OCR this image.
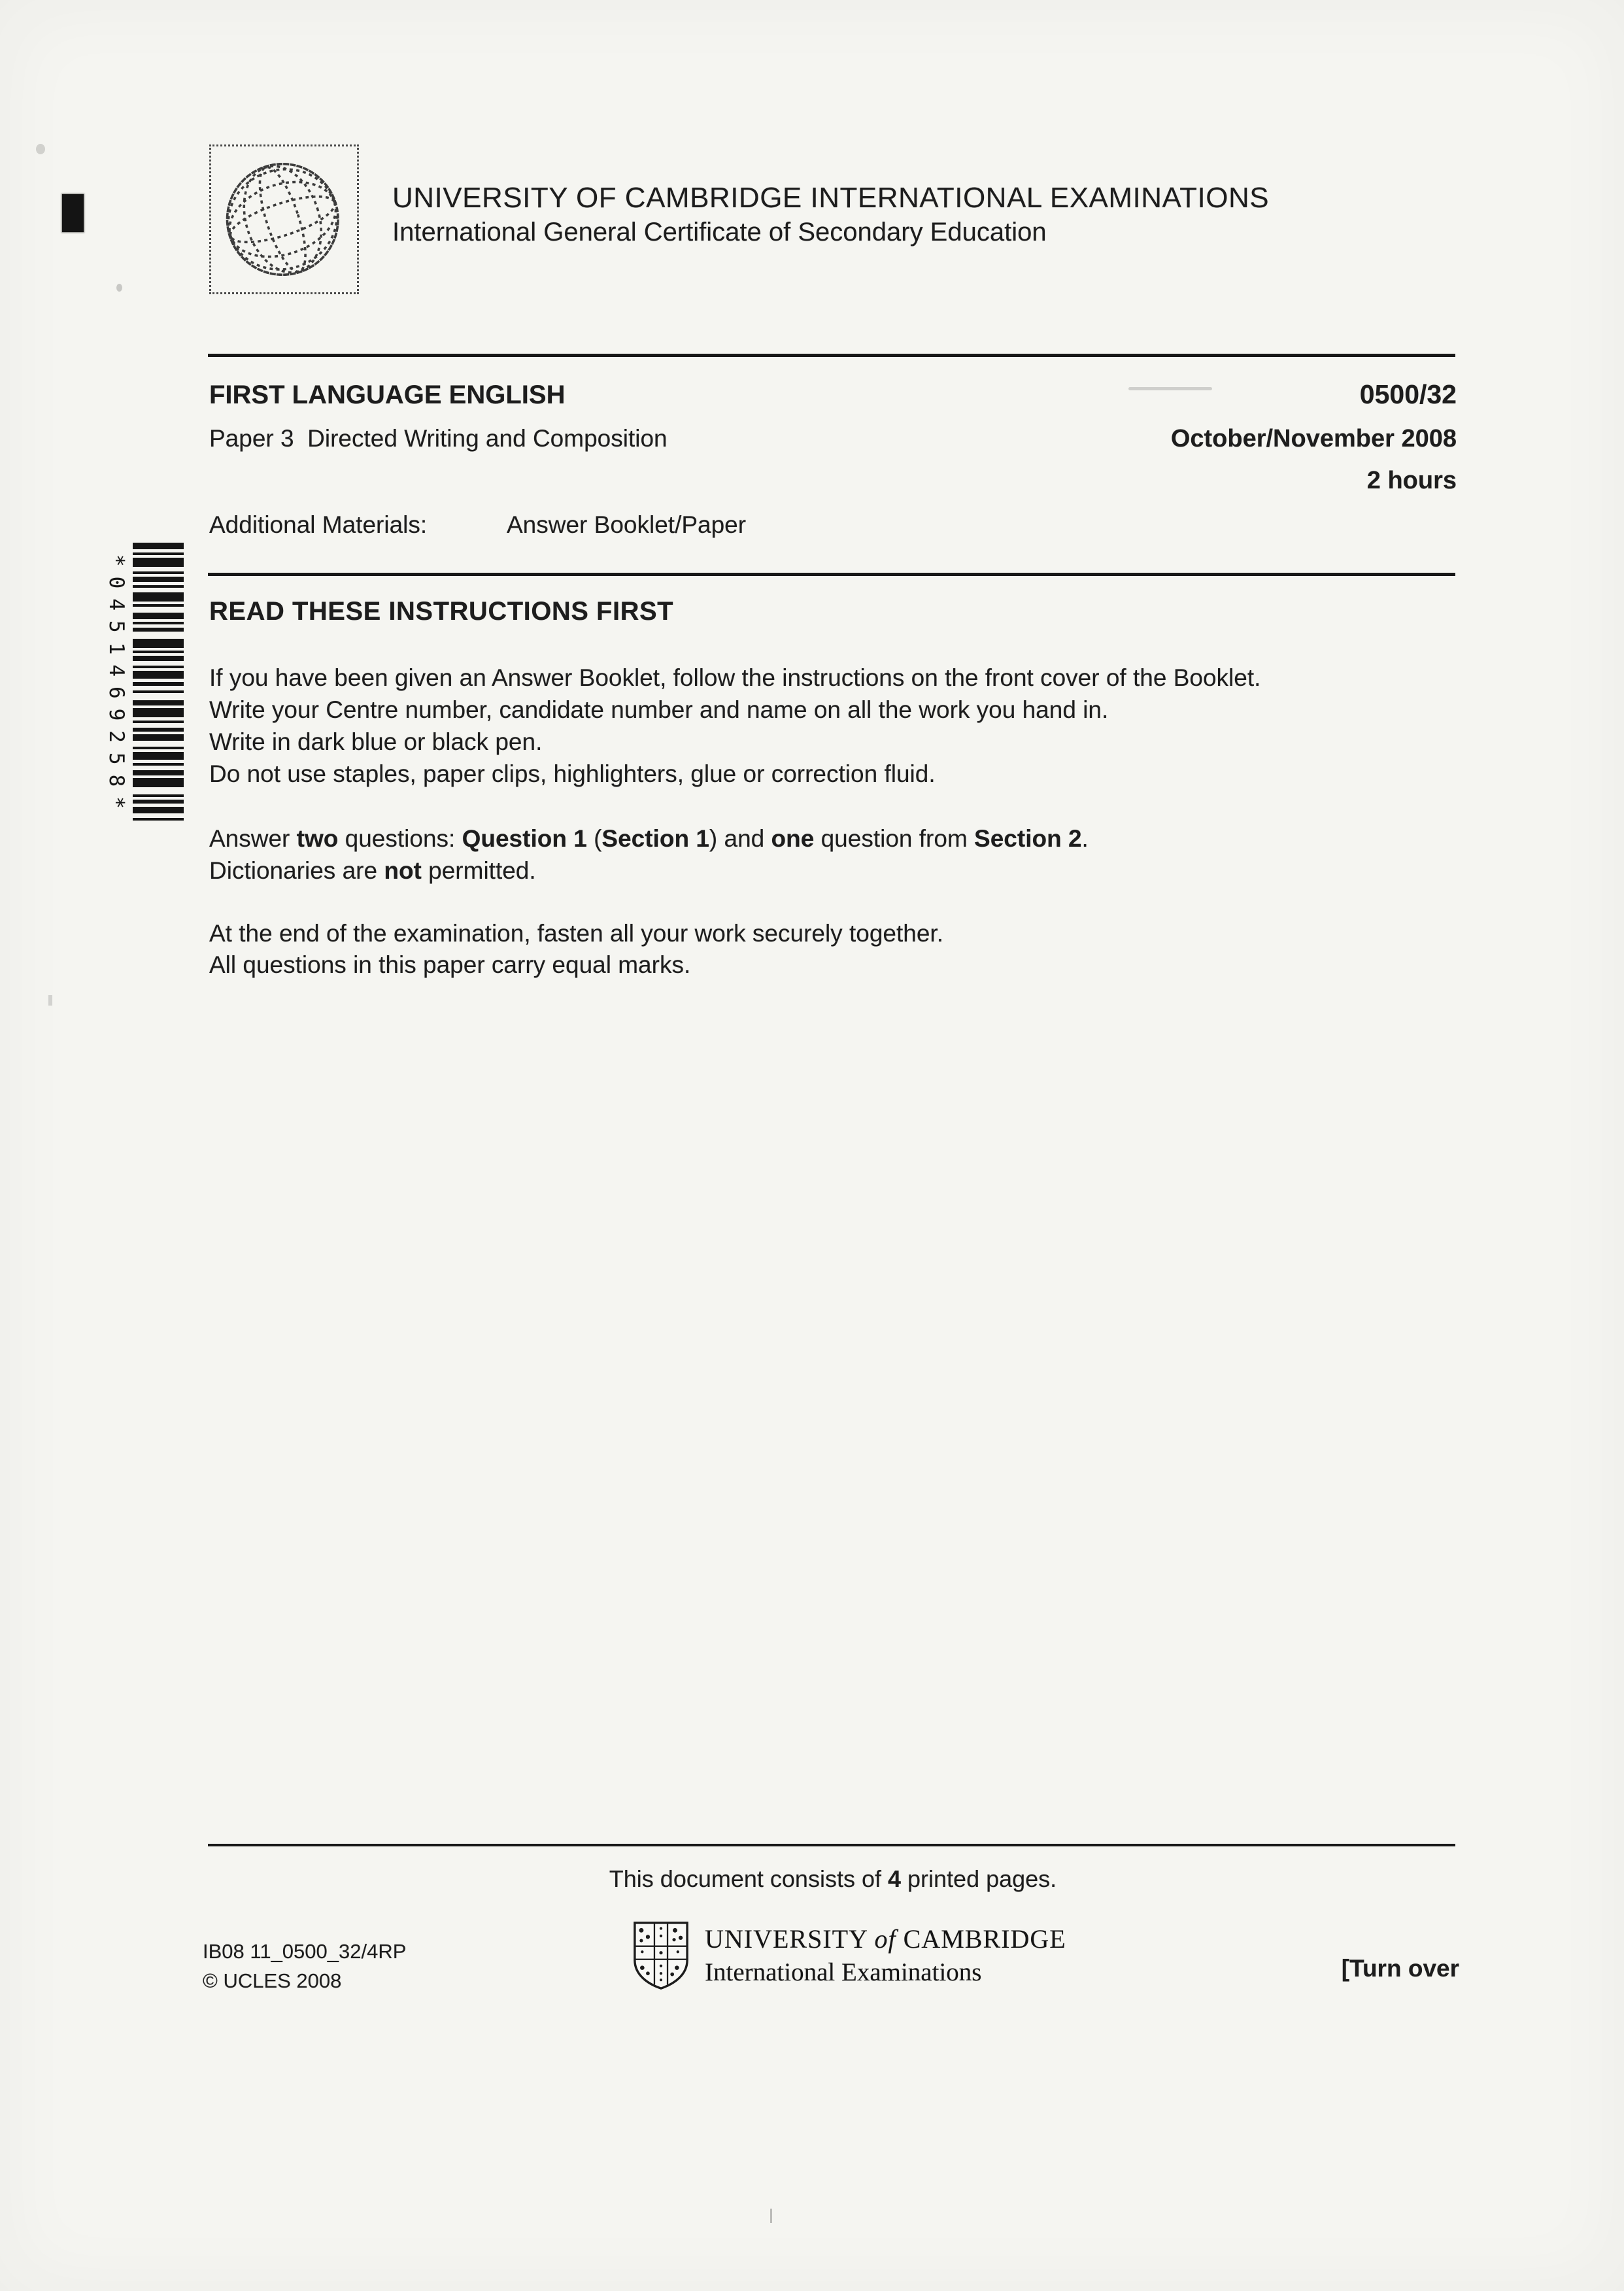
UNIVERSITY OF CAMBRIDGE INTERNATIONAL EXAMINATIONS
International General Certificate of Secondary Education
FIRST LANGUAGE ENGLISH	0500/32
Paper 3  Directed Writing and Composition	October/November 2008
2 hours
Additional Materials:	Answer Booklet/Paper
*0451469258*	READ THESE INSTRUCTIONS FIRST
If you have been given an Answer Booklet, follow the instructions on the front cover of the Booklet.
Write your Centre number, candidate number and name on all the work you hand in.
Write in dark blue or black pen.
Do not use staples, paper clips, highlighters, glue or correction fluid.
Answer two questions: Question 1 (Section 1) and one question from Section 2.
Dictionaries are not permitted.
At the end of the examination, fasten all your work securely together.
All questions in this paper carry equal marks.
This document consists of 4 printed pages.
IB08 11_0500_32/4RP
© UCLES 2008
UNIVERSITY of CAMBRIDGE
International Examinations	[Turn over
